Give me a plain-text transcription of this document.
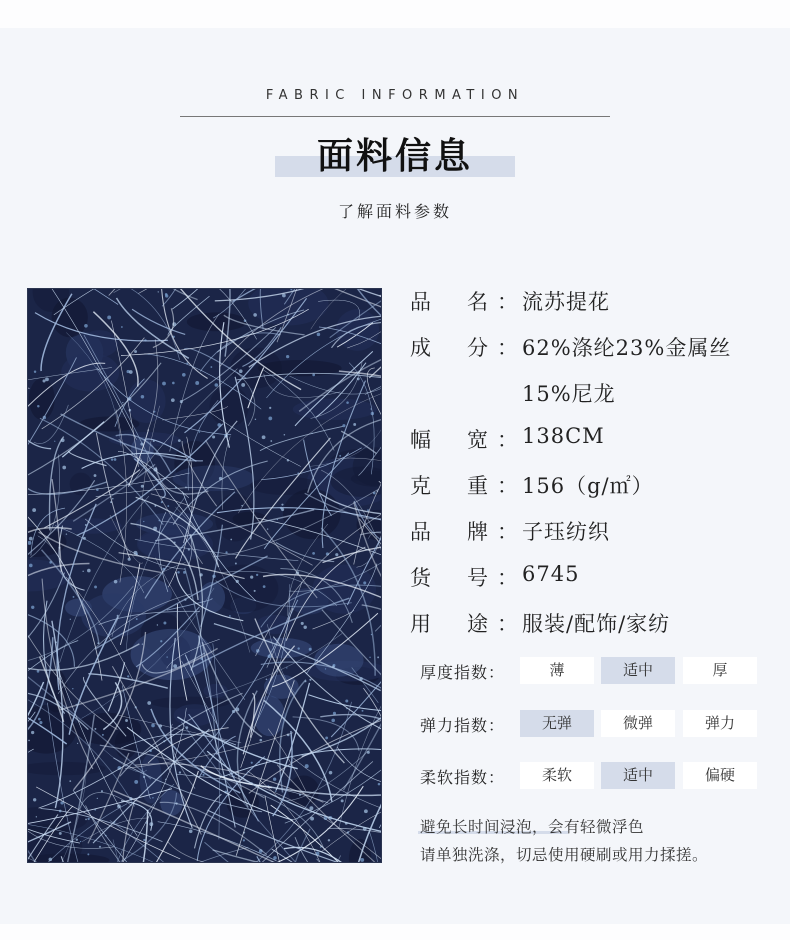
FABRIC INFORMATION
面料信息
了解面料参数
品 名 ： 流苏提花
成 分 ： 62%涤纶23%金属丝
15%尼龙
幅 宽 ： 138CM
克 重 ： 156（g/㎡）
品 牌 ： 子珏纺织
货 号 ： 6745
用 途 ： 服装/配饰/家纺
厚度指数：	薄	适中	厚
弹力指数：	无弹	微弹	弹力
柔软指数：	柔软	适中	偏硬
避免长时间浸泡，会有轻微浮色
请单独洗涤，切忌使用硬刷或用力揉搓。
